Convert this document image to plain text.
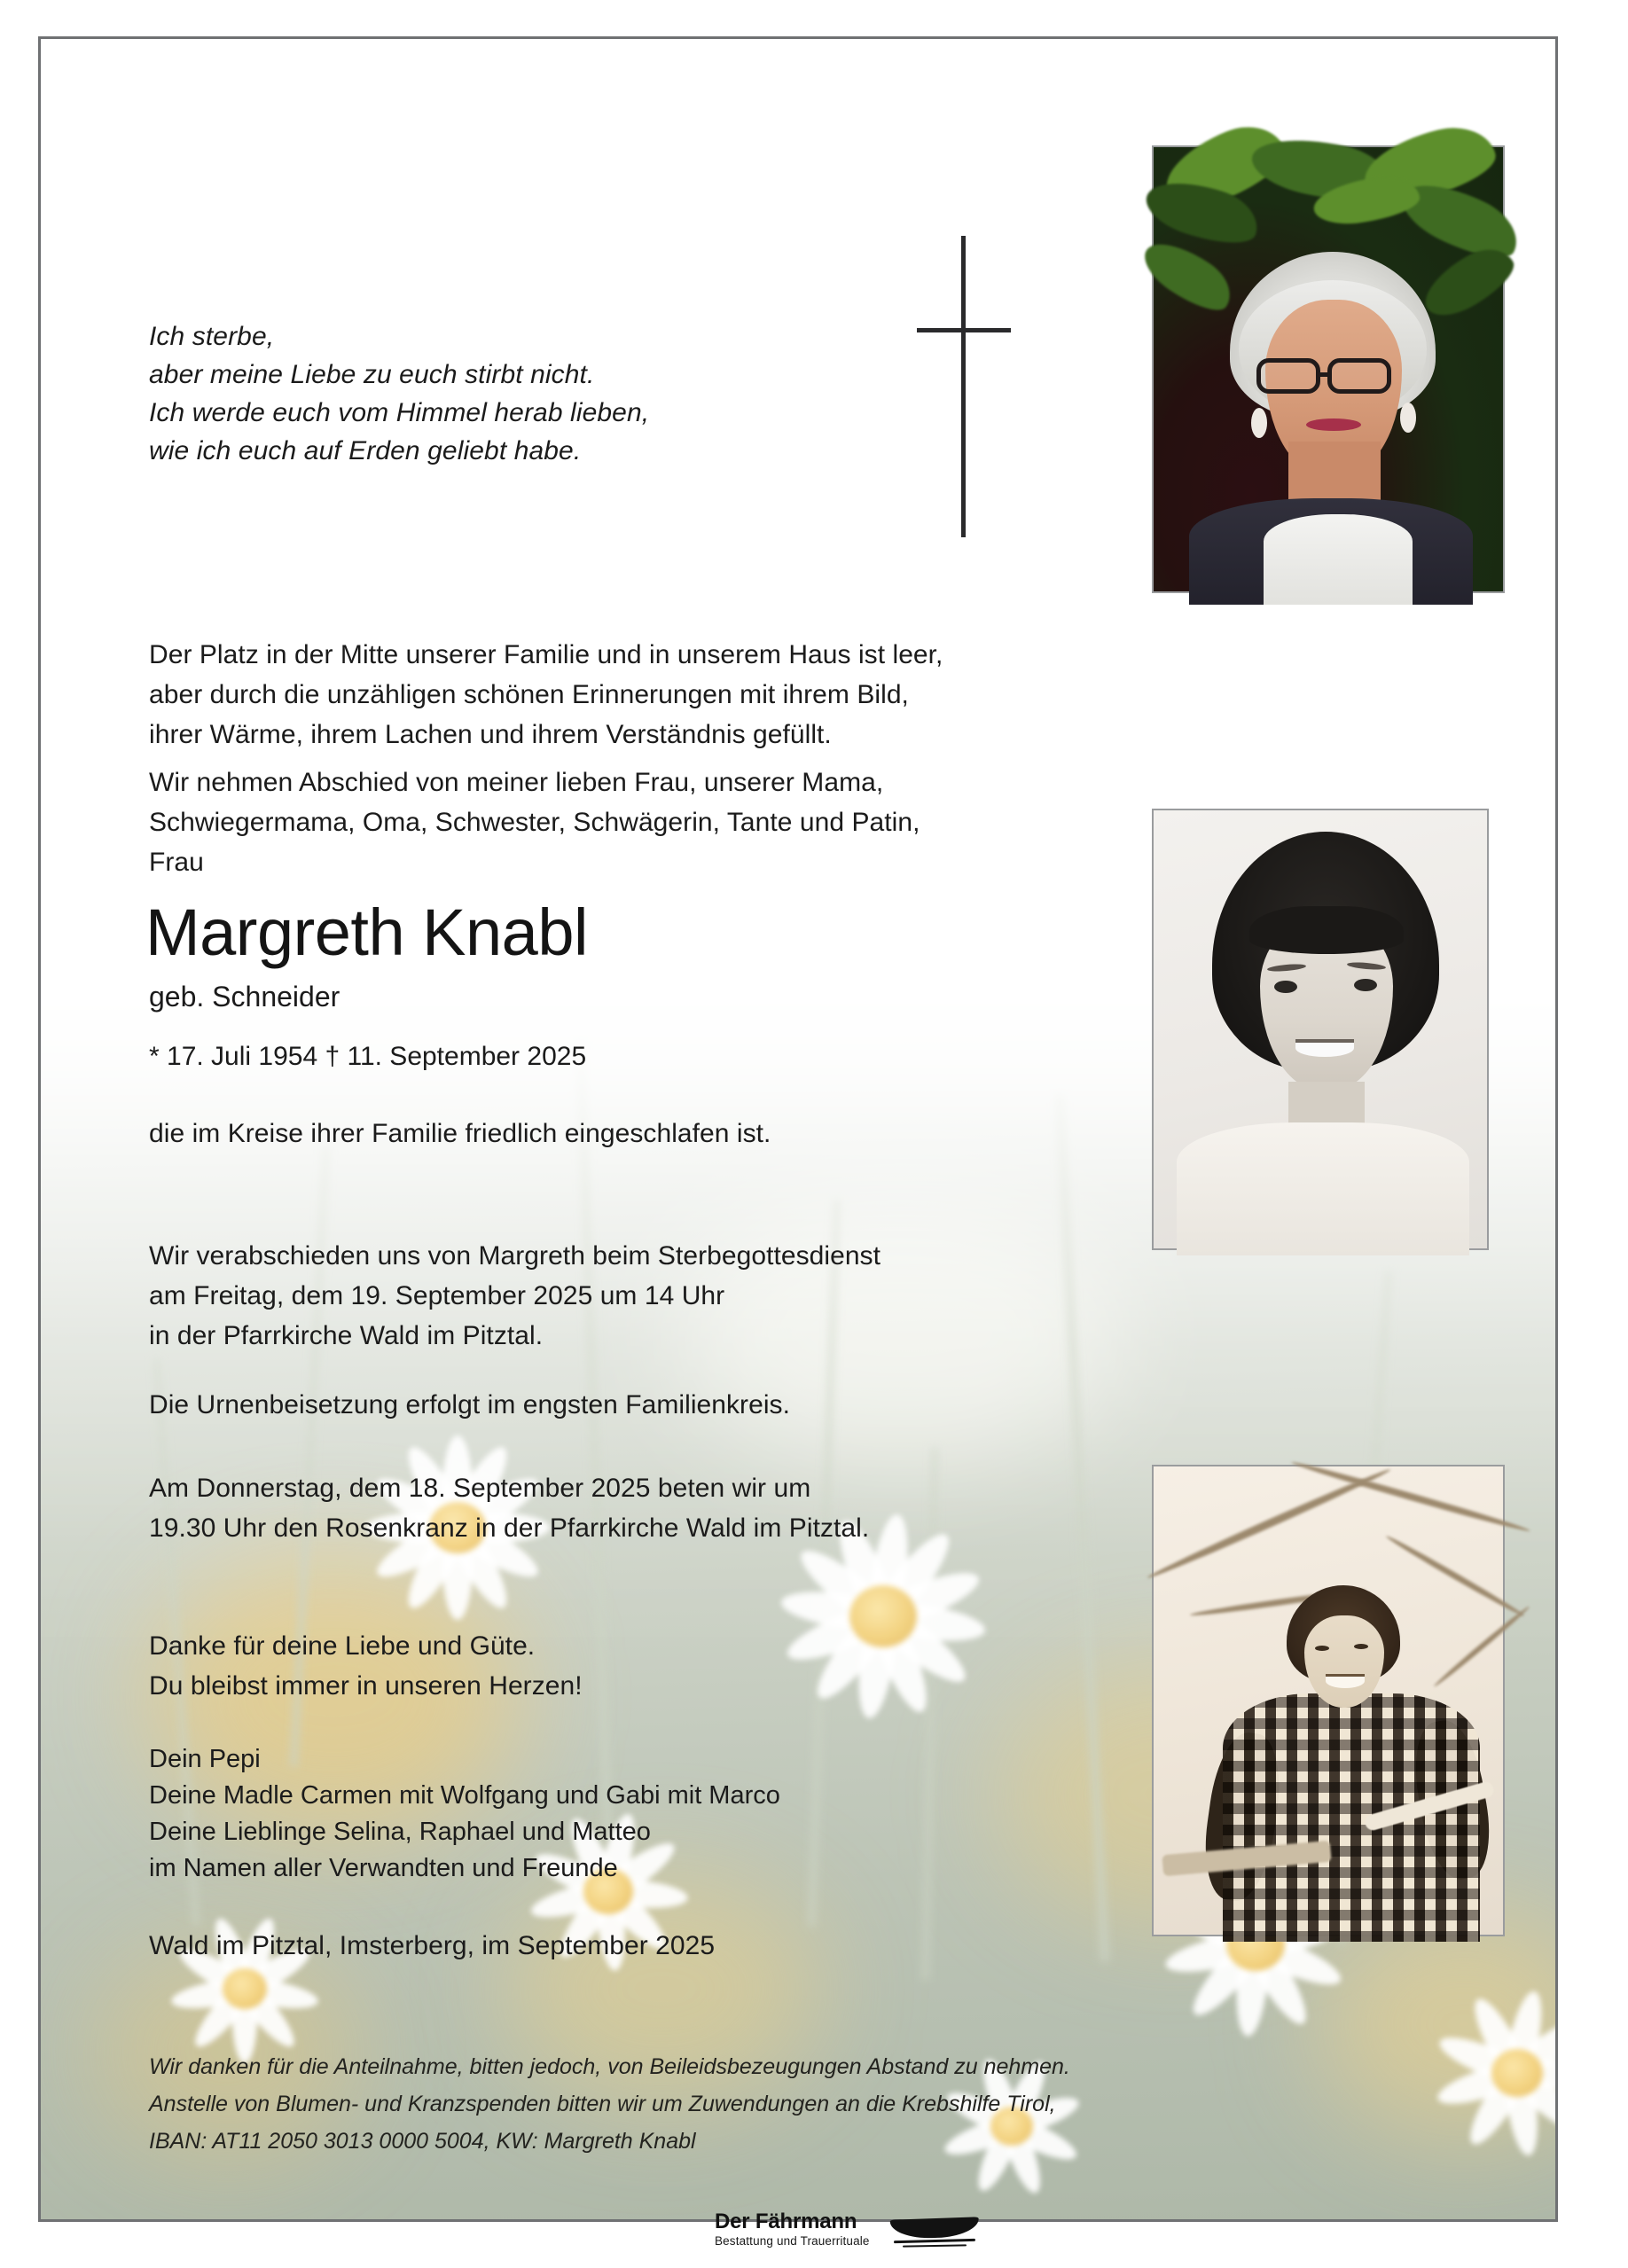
Ich sterbe,
aber meine Liebe zu euch stirbt nicht.
Ich werde euch vom Himmel herab lieben,
wie ich euch auf Erden geliebt habe.
Der Platz in der Mitte unserer Familie und in unserem Haus ist leer,
aber durch die unzähligen schönen Erinnerungen mit ihrem Bild,
ihrer Wärme, ihrem Lachen und ihrem Verständnis gefüllt.
Wir nehmen Abschied von meiner lieben Frau, unserer Mama,
Schwiegermama, Oma, Schwester, Schwägerin, Tante und Patin,
Frau
Margreth Knabl
geb. Schneider
* 17. Juli 1954 † 11. September 2025
die im Kreise ihrer Familie friedlich eingeschlafen ist.
Wir verabschieden uns von Margreth beim Sterbegottesdienst
am Freitag, dem 19. September 2025 um 14 Uhr
in der Pfarrkirche Wald im Pitztal.
Die Urnenbeisetzung erfolgt im engsten Familienkreis.
Am Donnerstag, dem 18. September 2025 beten wir um
19.30 Uhr den Rosenkranz in der Pfarrkirche Wald im Pitztal.
Danke für deine Liebe und Güte.
Du bleibst immer in unseren Herzen!
Dein Pepi
Deine Madle Carmen mit Wolfgang und Gabi mit Marco
Deine Lieblinge Selina, Raphael und Matteo
im Namen aller Verwandten und Freunde
Wald im Pitztal, Imsterberg, im September 2025
Wir danken für die Anteilnahme, bitten jedoch, von Beileidsbezeugungen Abstand zu nehmen.
Anstelle von Blumen- und Kranzspenden bitten wir um Zuwendungen an die Krebshilfe Tirol,
IBAN: AT11 2050 3013 0000 5004, KW: Margreth Knabl
Der Fährmann
Bestattung und Trauerrituale
